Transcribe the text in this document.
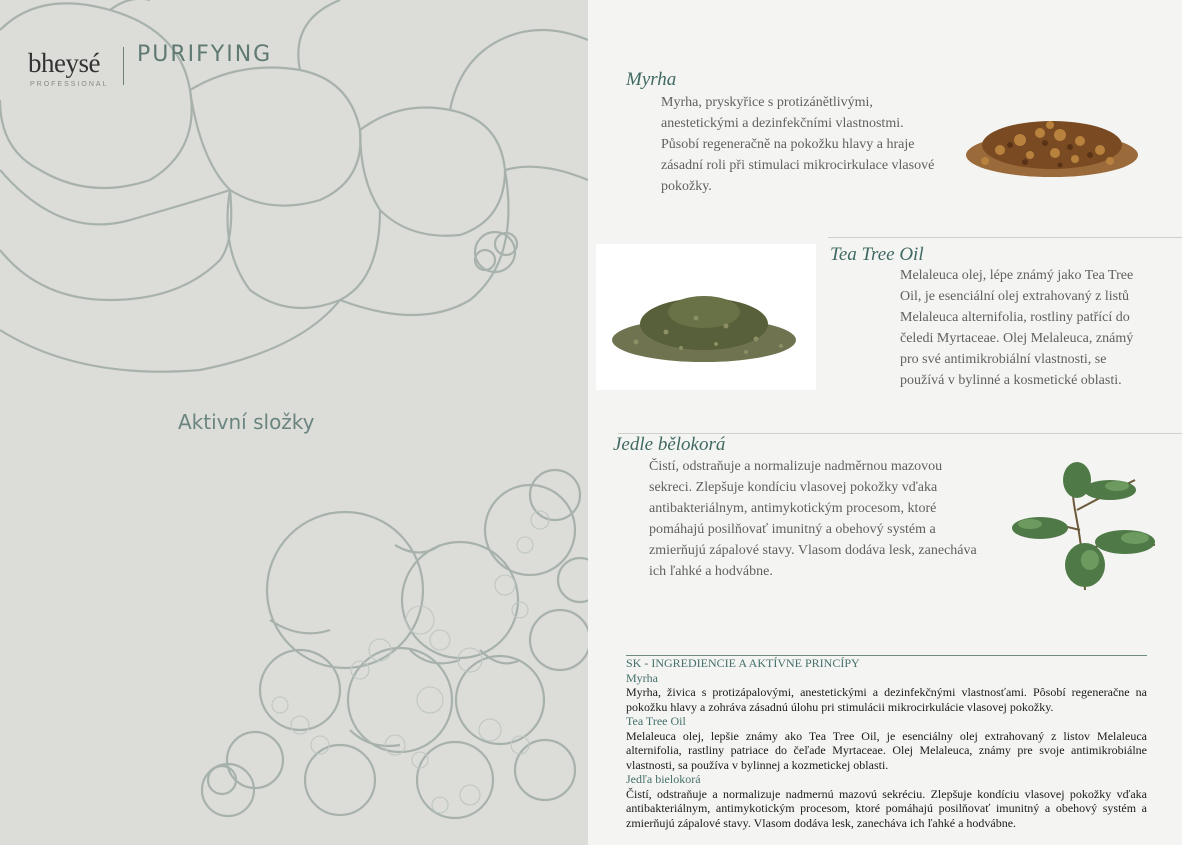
bheysé
PROFESSIONAL
PURIFYING
Aktivní složky
Myrha
Myrha, pryskyřice s protizánětlivými, anestetickými a dezinfekčními vlastnostmi. Působí regeneračně na pokožku hlavy a hraje zásadní roli při stimulaci mikrocirkulace vlasové pokožky.
Tea Tree Oil
Melaleuca olej, lépe známý jako Tea Tree Oil, je esenciální olej extrahovaný z listů Melaleuca alternifolia, rostliny patřící do čeledi Myrtaceae. Olej Melaleuca, známý pro své antimikrobiální vlastnosti, se používá v bylinné a kosmetické oblasti.
Jedle bělokorá
Čistí, odstraňuje a normalizuje nadměrnou mazovou sekreci. Zlepšuje kondíciu vlasovej pokožky vďaka antibakteriálnym, antimykotickým procesom, ktoré pomáhajú posilňovať imunitný a obehový systém a zmierňujú zápalové stavy. Vlasom dodáva lesk, zanecháva ich ľahké a hodvábne.
SK - INGREDIENCIE A AKTÍVNE PRINCÍPY
Myrha
Myrha, živica s protizápalovými, anestetickými a dezinfekčnými vlastnosťami. Pôsobí regeneračne na pokožku hlavy a zohráva zásadnú úlohu pri stimulácii mikrocirkulácie vlasovej pokožky.
Tea Tree Oil
Melaleuca olej, lepšie známy ako Tea Tree Oil, je esenciálny olej extrahovaný z listov Melaleuca alternifolia, rastliny patriace do čeľade Myrtaceae. Olej Melaleuca, známy pre svoje antimikrobiálne vlastnosti, sa používa v bylinnej a kozmetickej oblasti.
Jedľa bielokorá
Čistí, odstraňuje a normalizuje nadmernú mazovú sekréciu. Zlepšuje kondíciu vlasovej pokožky vďaka antibakteriálnym, antimykotickým procesom, ktoré pomáhajú posilňovať imunitný a obehový systém a zmierňujú zápalové stavy. Vlasom dodáva lesk, zanecháva ich ľahké a hodvábne.
